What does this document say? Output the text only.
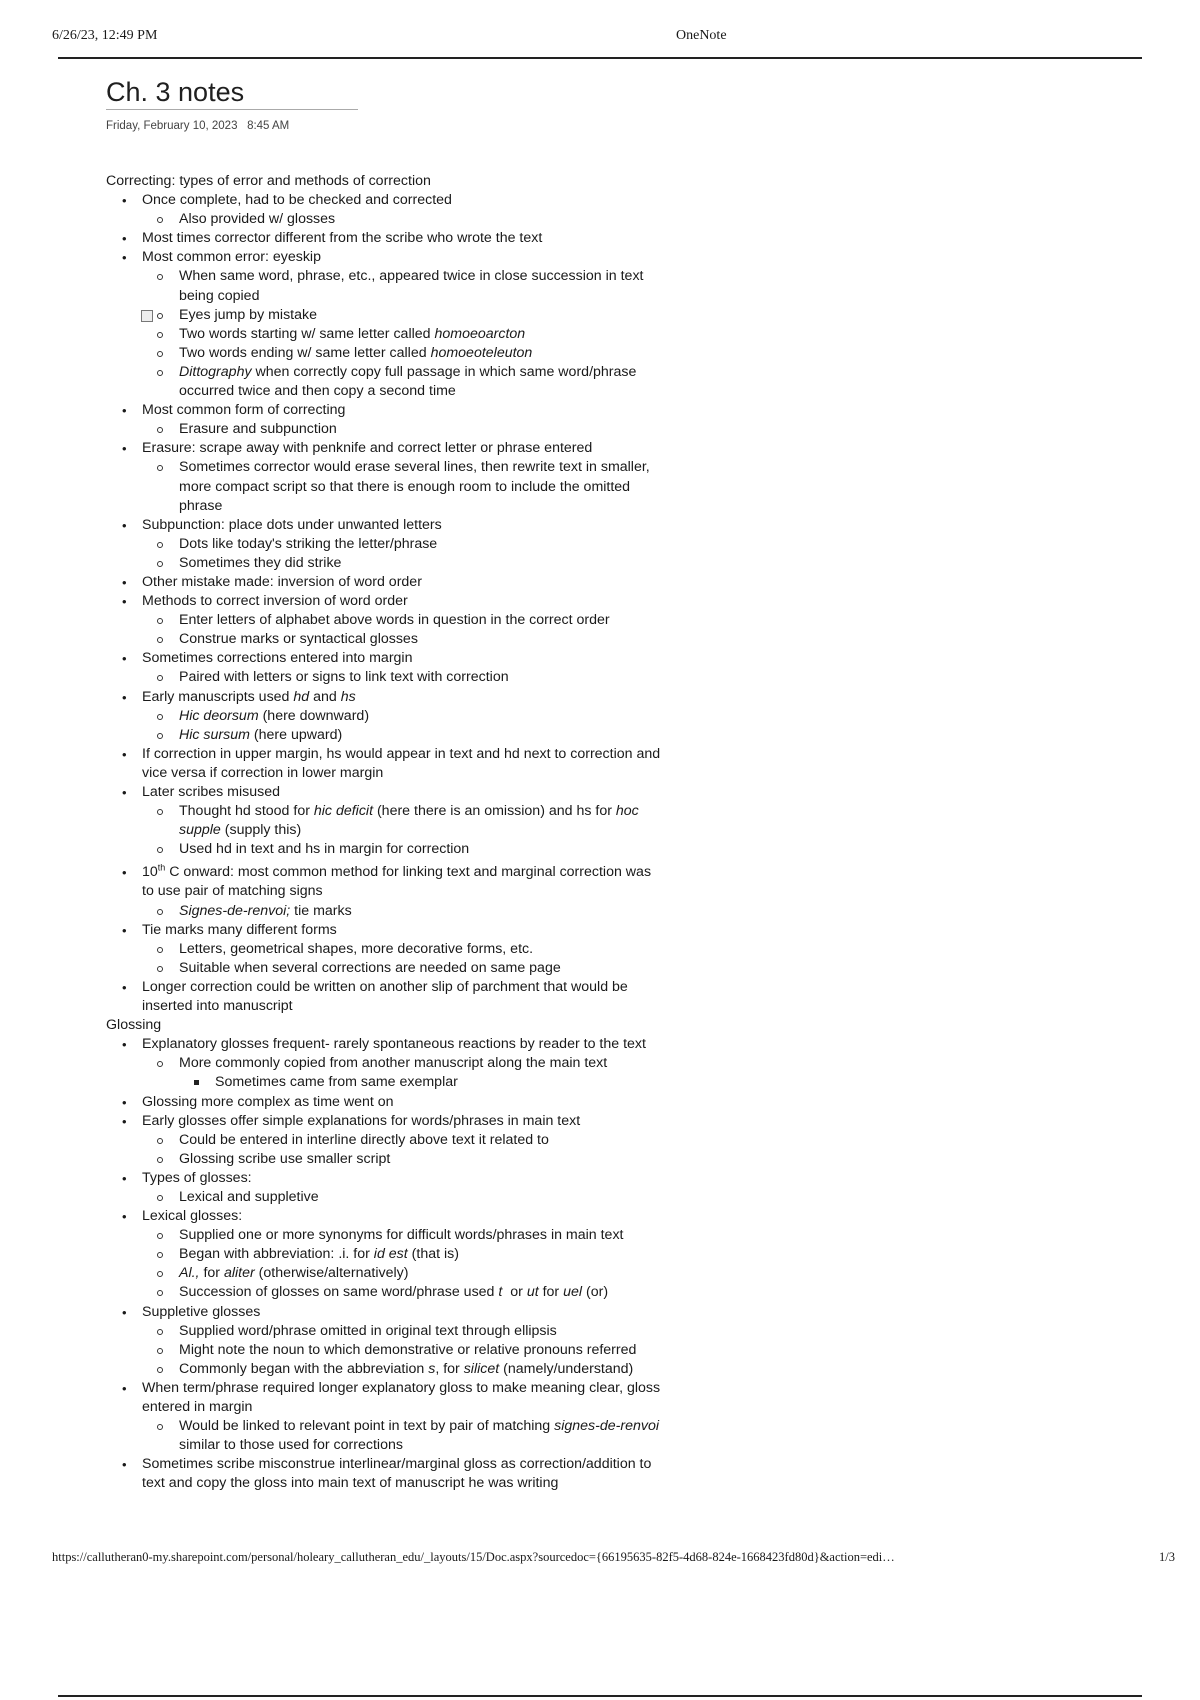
6/26/23, 12:49 PM	OneNote
Ch. 3 notes
Friday, February 10, 2023 8:45 AM
Correcting: types of error and methods of correction
• Once complete, had to be checked and corrected
Also provided w/ glosses
• Most times corrector different from the scribe who wrote the text
• Most common error: eyeskip
When same word, phrase, etc., appeared twice in close succession in text
being copied
Eyes jump by mistake
Two words starting w/ same letter called homoeoarcton
Two words ending w/ same letter called homoeoteleuton
Dittography when correctly copy full passage in which same word/phrase
occurred twice and then copy a second time
• Most common form of correcting
Erasure and subpunction
• Erasure: scrape away with penknife and correct letter or phrase entered
Sometimes corrector would erase several lines, then rewrite text in smaller,
more compact script so that there is enough room to include the omitted
phrase
• Subpunction: place dots under unwanted letters
Dots like today's striking the letter/phrase
Sometimes they did strike
• Other mistake made: inversion of word order
• Methods to correct inversion of word order
Enter letters of alphabet above words in question in the correct order
Construe marks or syntactical glosses
• Sometimes corrections entered into margin
Paired with letters or signs to link text with correction
• Early manuscripts used hd and hs
Hic deorsum (here downward)
Hic sursum (here upward)
• If correction in upper margin, hs would appear in text and hd next to correction and
vice versa if correction in lower margin
• Later scribes misused
Thought hd stood for hic deficit (here there is an omission) and hs for hoc
supple (supply this)
Used hd in text and hs in margin for correction
• 10th C onward: most common method for linking text and marginal correction was
to use pair of matching signs
Signes-de-renvoi; tie marks
• Tie marks many different forms
Letters, geometrical shapes, more decorative forms, etc.
Suitable when several corrections are needed on same page
• Longer correction could be written on another slip of parchment that would be
inserted into manuscript
Glossing
• Explanatory glosses frequent- rarely spontaneous reactions by reader to the text
More commonly copied from another manuscript along the main text
Sometimes came from same exemplar
• Glossing more complex as time went on
• Early glosses offer simple explanations for words/phrases in main text
Could be entered in interline directly above text it related to
Glossing scribe use smaller script
• Types of glosses:
Lexical and suppletive
• Lexical glosses:
Supplied one or more synonyms for difficult words/phrases in main text
Began with abbreviation: .i. for id est (that is)
Al., for aliter (otherwise/alternatively)
Succession of glosses on same word/phrase used t  or ut for uel (or)
• Suppletive glosses
Supplied word/phrase omitted in original text through ellipsis
Might note the noun to which demonstrative or relative pronouns referred
Commonly began with the abbreviation s, for silicet (namely/understand)
• When term/phrase required longer explanatory gloss to make meaning clear, gloss
entered in margin
Would be linked to relevant point in text by pair of matching signes-de-renvoi
similar to those used for corrections
• Sometimes scribe misconstrue interlinear/marginal gloss as correction/addition to
text and copy the gloss into main text of manuscript he was writing
https://callutheran0-my.sharepoint.com/personal/holeary_callutheran_edu/_layouts/15/Doc.aspx?sourcedoc={66195635-82f5-4d68-824e-1668423fd80d}&action=edi…	1/3
